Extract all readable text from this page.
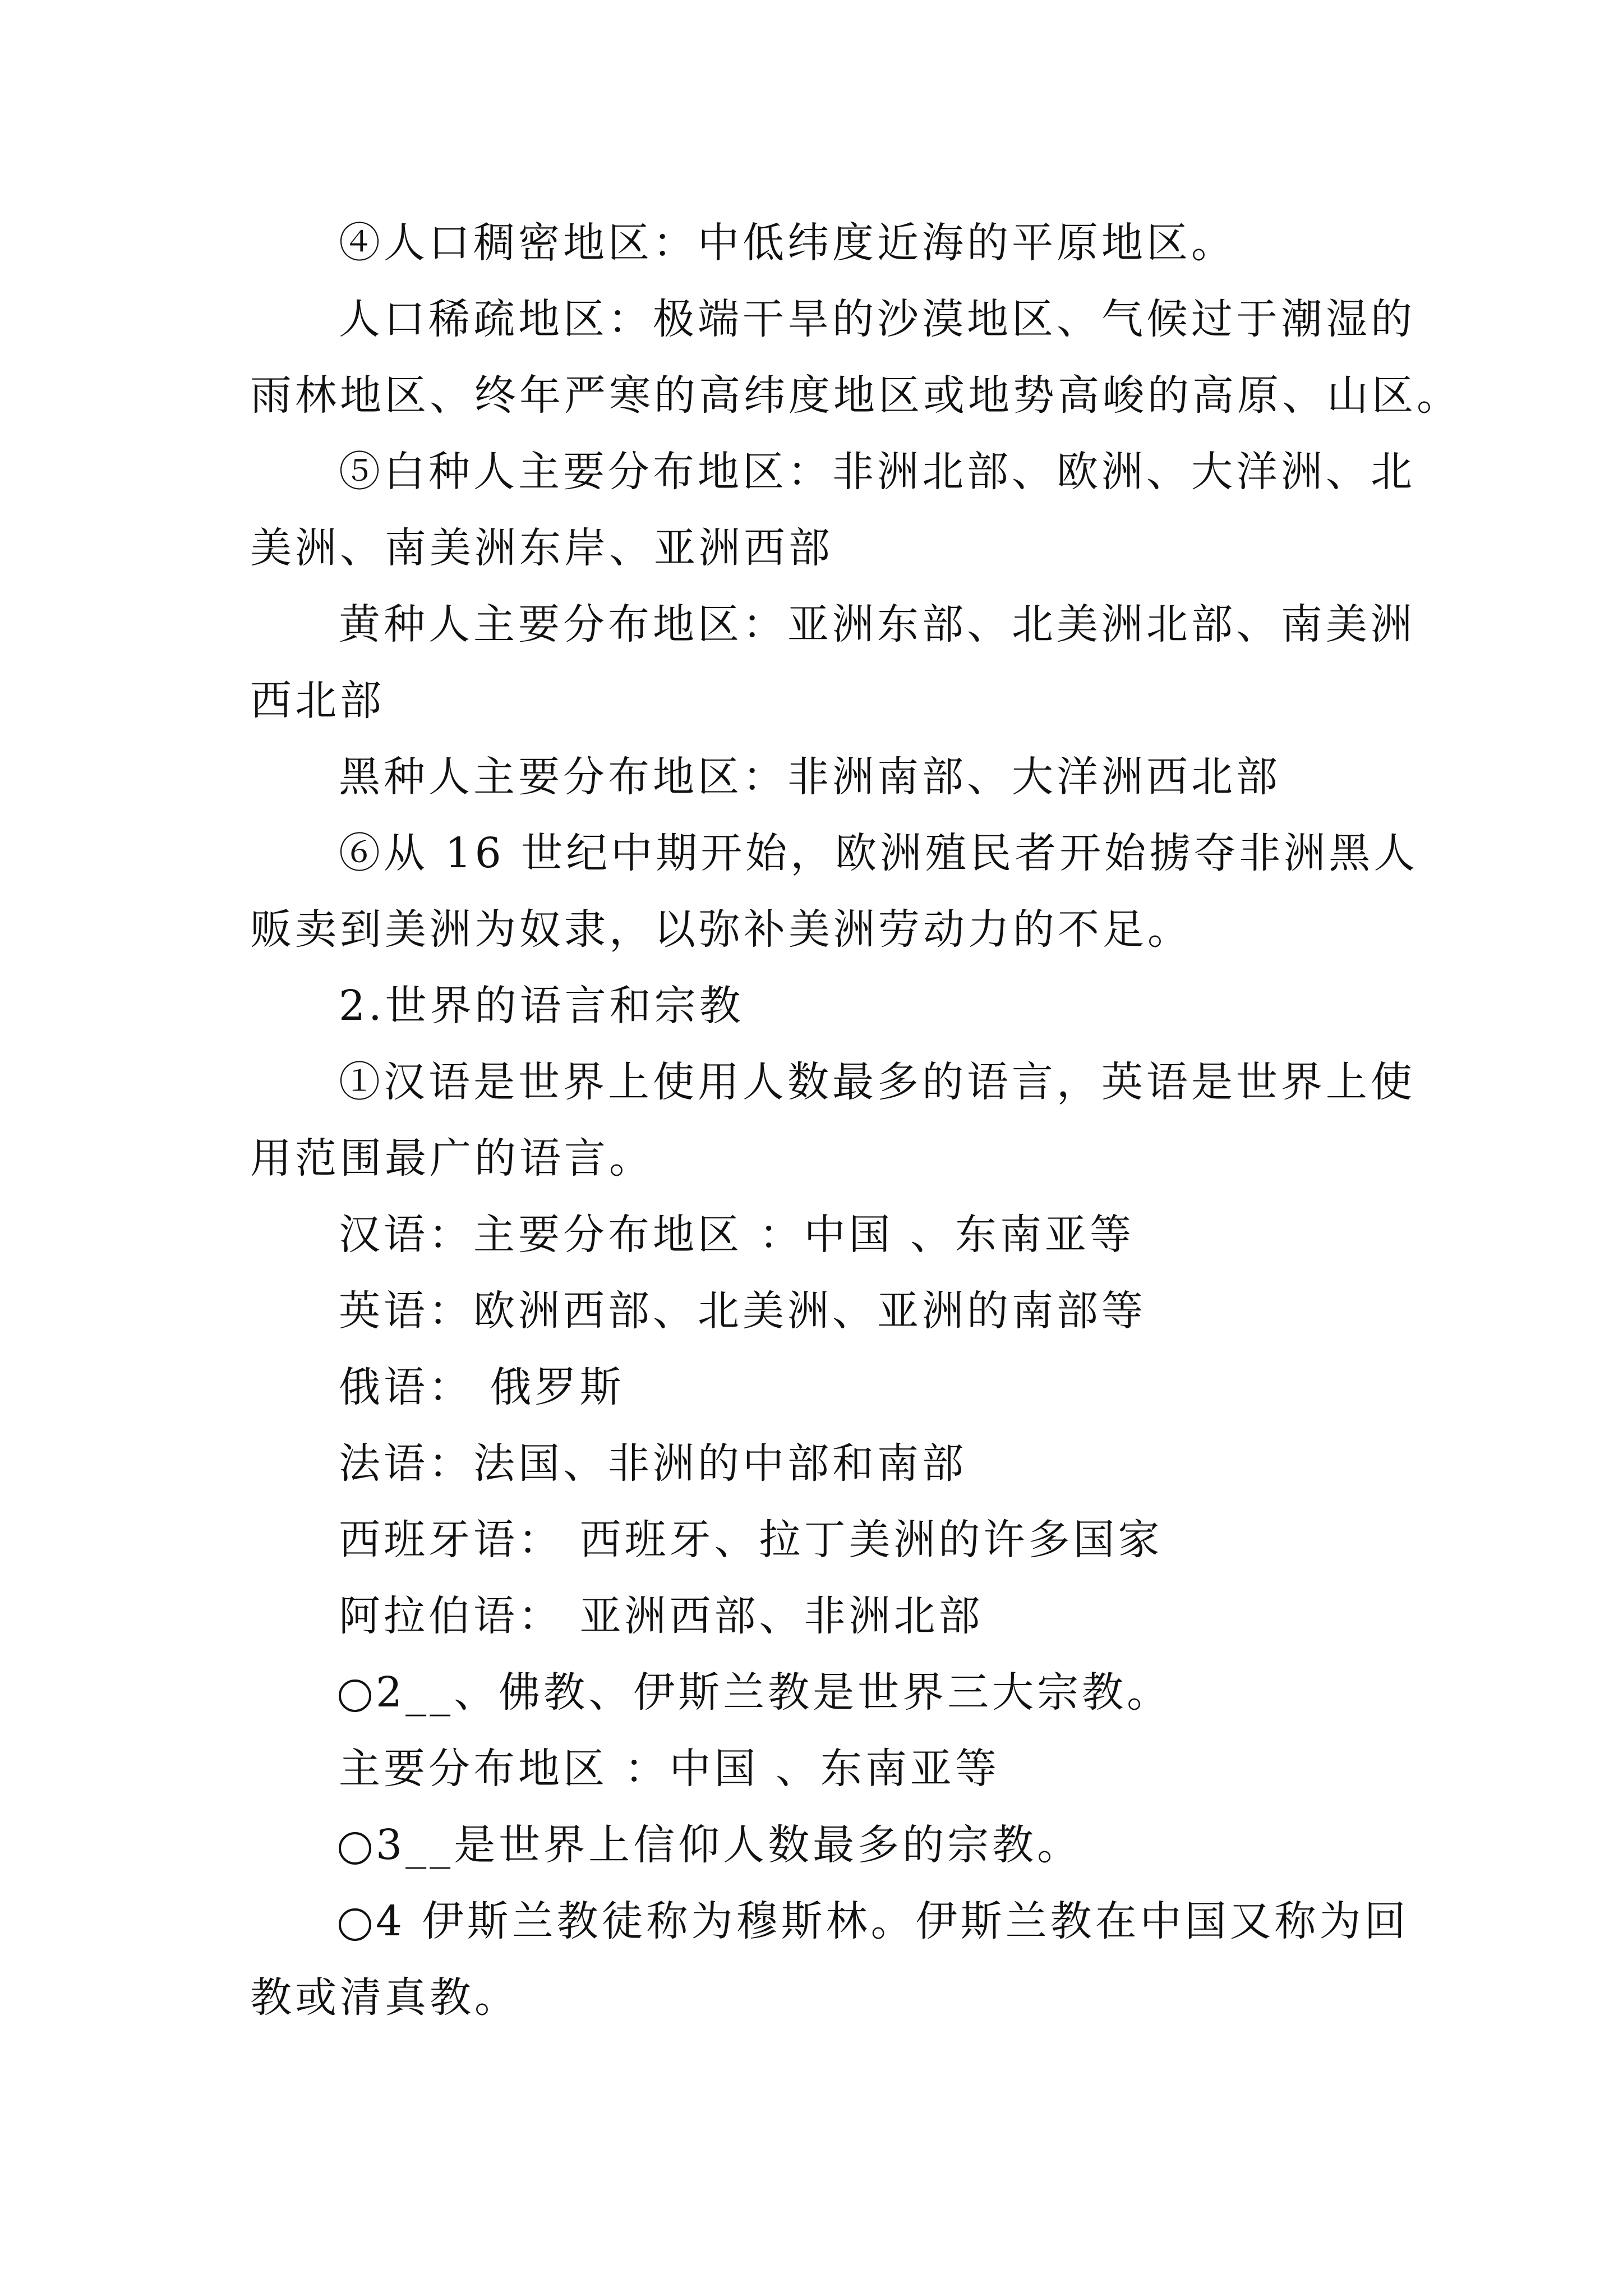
④人口稠密地区：中低纬度近海的平原地区。
人口稀疏地区：极端干旱的沙漠地区、气候过于潮湿的
雨林地区、终年严寒的高纬度地区或地势高峻的高原、山区。
⑤白种人主要分布地区：非洲北部、欧洲、大洋洲、北
美洲、南美洲东岸、亚洲西部
黄种人主要分布地区：亚洲东部、北美洲北部、南美洲
西北部
黑种人主要分布地区：非洲南部、大洋洲西北部
⑥从 16 世纪中期开始，欧洲殖民者开始掳夺非洲黑人
贩卖到美洲为奴隶，以弥补美洲劳动力的不足。
2.世界的语言和宗教
①汉语是世界上使用人数最多的语言，英语是世界上使
用范围最广的语言。
汉语：主要分布地区 ：中国 、东南亚等
英语：欧洲西部、北美洲、亚洲的南部等
俄语： 俄罗斯
法语：法国、非洲的中部和南部
西班牙语： 西班牙、拉丁美洲的许多国家
阿拉伯语： 亚洲西部、非洲北部
2__、佛教、伊斯兰教是世界三大宗教。
主要分布地区 ：中国 、东南亚等
3__是世界上信仰人数最多的宗教。
4 伊斯兰教徒称为穆斯林。伊斯兰教在中国又称为回
教或清真教。
